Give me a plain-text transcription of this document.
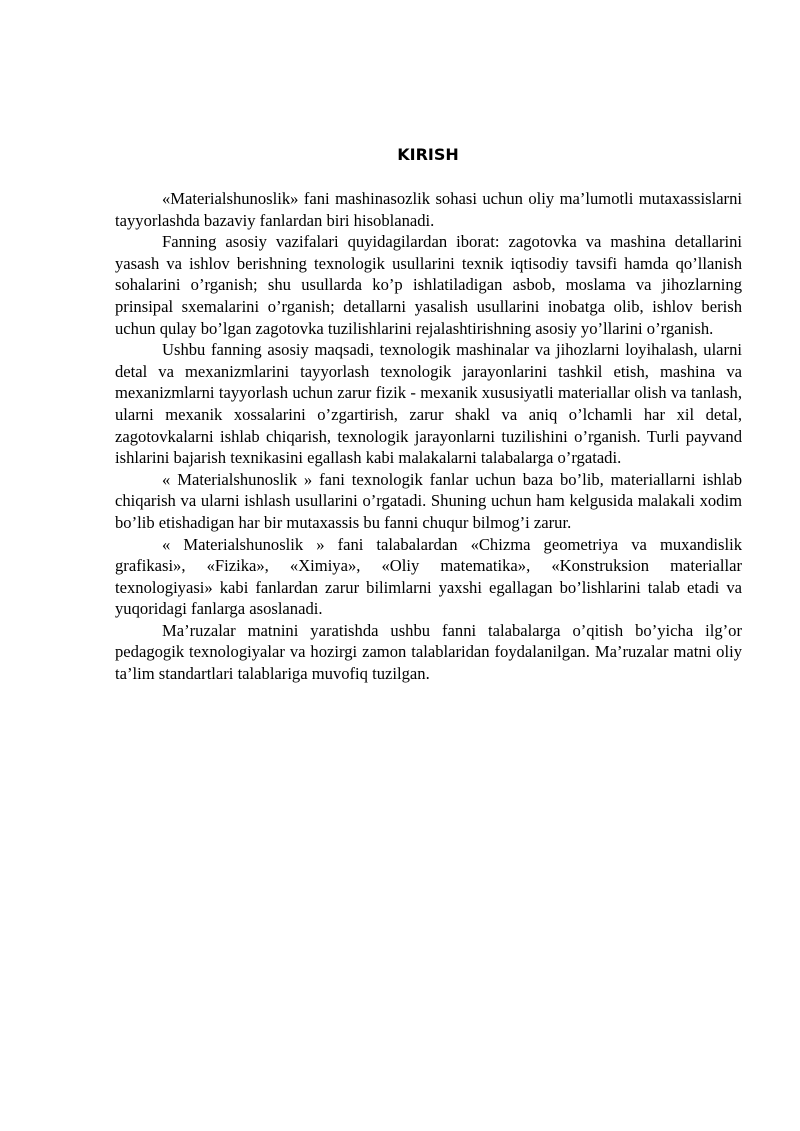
KIRISH

«Materialshunoslik» fani mashinasozlik sohasi uchun oliy ma’lumotli mutaxassislarni tayyorlashda bazaviy fanlardan biri hisoblanadi.

Fanning asosiy vazifalari quyidagilardan iborat: zagotovka va mashina detallarini yasash va ishlov berishning texnologik usullarini texnik iqtisodiy tavsifi hamda qo’llanish sohalarini o’rganish; shu usullarda ko’p ishlatiladigan asbob, moslama va jihozlarning prinsipal sxemalarini o’rganish; detallarni yasalish usullarini inobatga olib, ishlov berish uchun qulay bo’lgan zagotovka tuzilishlarini rejalashtirishning asosiy yo’llarini o’rganish.

Ushbu fanning asosiy maqsadi, texnologik mashinalar va jihozlarni loyihalash, ularni detal va mexanizmlarini tayyorlash texnologik jarayonlarini tashkil etish, mashina va mexanizmlarni tayyorlash uchun zarur fizik - mexanik xususiyatli materiallar olish va tanlash, ularni mexanik xossalarini o’zgartirish, zarur shakl va aniq o’lchamli har xil detal, zagotovkalarni ishlab chiqarish, texnologik jarayonlarni tuzilishini o’rganish. Turli payvand ishlarini bajarish texnikasini egallash kabi malakalarni talabalarga o’rgatadi.

« Materialshunoslik » fani texnologik fanlar uchun baza bo’lib, materiallarni ishlab chiqarish va ularni ishlash usullarini o’rgatadi. Shuning uchun ham kelgusida malakali xodim bo’lib etishadigan har bir mutaxassis bu fanni chuqur bilmog’i zarur.

« Materialshunoslik » fani talabalardan «Chizma geometriya va muxandislik grafikasi», «Fizika», «Ximiya», «Oliy matematika», «Konstruksion materiallar texnologiyasi» kabi fanlardan zarur bilimlarni yaxshi egallagan bo’lishlarini talab etadi va yuqoridagi fanlarga asoslanadi.

Ma’ruzalar matnini yaratishda ushbu fanni talabalarga o’qitish bo’yicha ilg’or pedagogik texnologiyalar va hozirgi zamon talablaridan foydalanilgan. Ma’ruzalar matni oliy ta’lim standartlari talablariga muvofiq tuzilgan.
